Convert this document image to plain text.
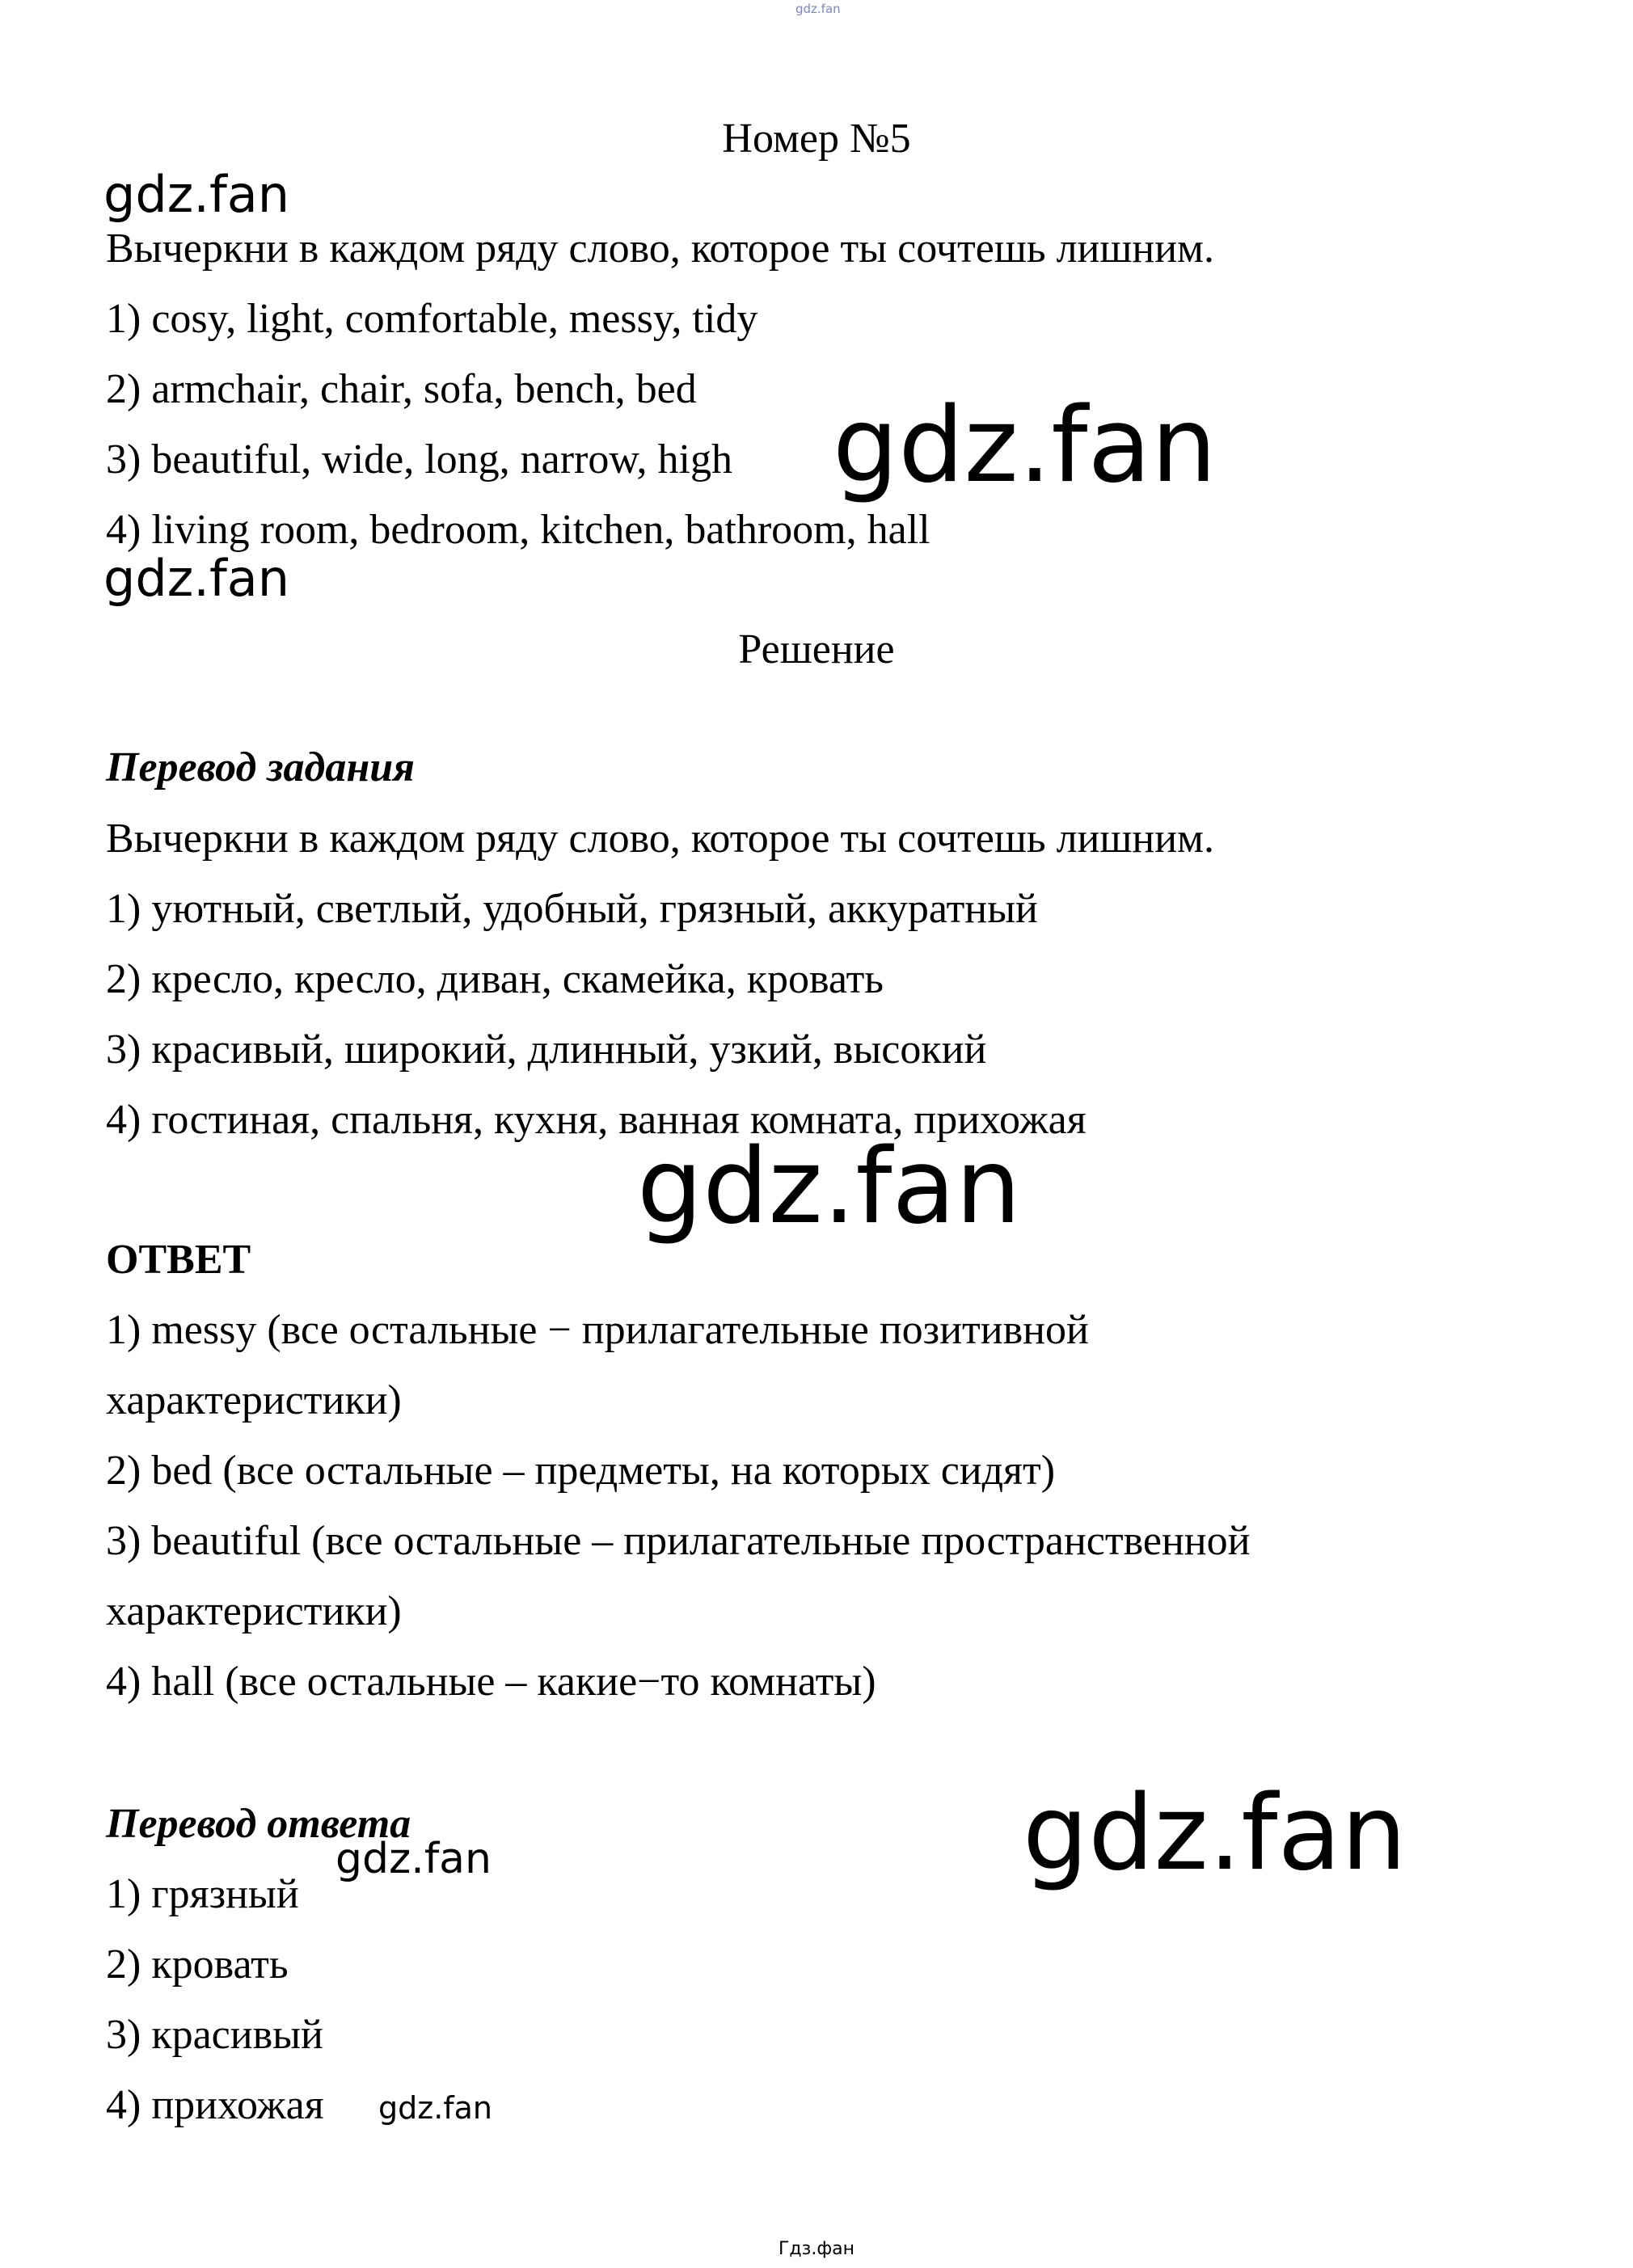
gdz.fan
Номер №5
gdz.fan
Вычеркни в каждом ряду слово, которое ты сочтешь лишним.
1) cosy, light, comfortable, messy, tidy
2) armchair, chair, sofa, bench, bed
3) beautiful, wide, long, narrow, high
4) living room, bedroom, kitchen, bathroom, hall
gdz.fan
gdz.fan
Решение
Перевод задания
Вычеркни в каждом ряду слово, которое ты сочтешь лишним.
1) уютный, светлый, удобный, грязный, аккуратный
2) кресло, кресло, диван, скамейка, кровать
3) красивый, широкий, длинный, узкий, высокий
4) гостиная, спальня, кухня, ванная комната, прихожая
gdz.fan
ОТВЕТ
1) messy (все остальные − прилагательные позитивной
характеристики)
2) bed (все остальные – предметы, на которых сидят)
3) beautiful (все остальные – прилагательные пространственной
характеристики)
4) hall (все остальные – какие−то комнаты)
Перевод ответа	gdz.fan
gdz.fan
1) грязный
2) кровать
3) красивый
4) прихожая gdz.fan
Гдз.фан
